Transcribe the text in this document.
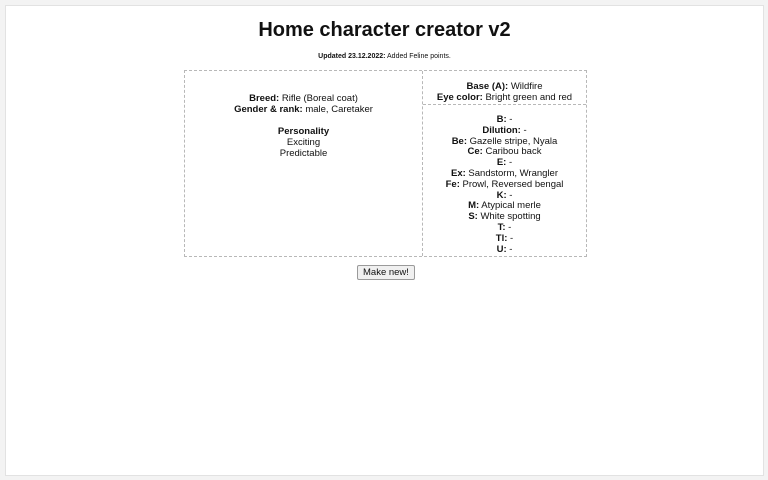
Home character creator v2
Updated 23.12.2022: Added Feline points.
Breed: Rifle (Boreal coat)
Gender & rank: male, Caretaker
Personality
Exciting
Predictable
Base (A): Wildfire
Eye color: Bright green and red
B: -
Dilution: -
Be: Gazelle stripe, Nyala
Ce: Caribou back
E: -
Ex: Sandstorm, Wrangler
Fe: Prowl, Reversed bengal
K: -
M: Atypical merle
S: White spotting
T: -
Tl: -
U: -
Make new!
